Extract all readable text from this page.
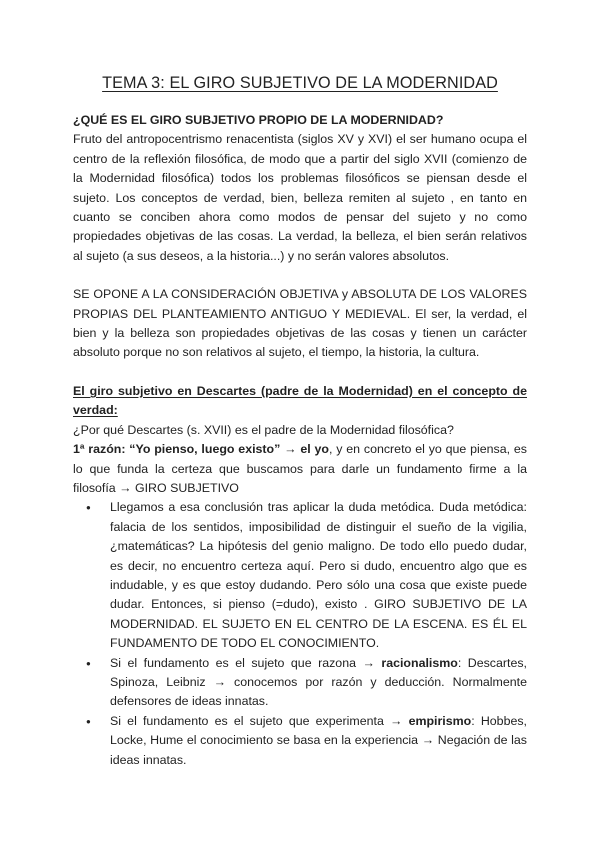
TEMA 3: EL GIRO SUBJETIVO DE LA MODERNIDAD
¿QUÉ ES EL GIRO SUBJETIVO PROPIO DE LA MODERNIDAD?

Fruto del antropocentrismo renacentista (siglos XV y XVI) el ser humano ocupa el centro de la reflexión filosófica, de modo que a partir del siglo XVII (comienzo de la Modernidad filosófica) todos los problemas filosóficos se piensan desde el sujeto. Los conceptos de verdad, bien, belleza remiten al sujeto , en tanto en cuanto se conciben ahora como modos de pensar del sujeto y no como propiedades objetivas de las cosas. La verdad, la belleza, el bien serán relativos al sujeto (a sus deseos, a la historia...) y no serán valores absolutos.

SE OPONE A LA CONSIDERACIÓN OBJETIVA y ABSOLUTA DE LOS VALORES PROPIAS DEL PLANTEAMIENTO ANTIGUO Y MEDIEVAL. El ser, la verdad, el bien y la belleza son propiedades objetivas de las cosas y tienen un carácter absoluto porque no son relativos al sujeto, el tiempo, la historia, la cultura.

El giro subjetivo en Descartes (padre de la Modernidad) en el concepto de verdad:

¿Por qué Descartes (s. XVII) es el padre de la Modernidad filosófica?

1ª razón: “Yo pienso, luego existo” → el yo, y en concreto el yo que piensa, es lo que funda la certeza que buscamos para darle un fundamento firme a la filosofía → GIRO SUBJETIVO

● Llegamos a esa conclusión tras aplicar la duda metódica. Duda metódica: falacia de los sentidos, imposibilidad de distinguir el sueño de la vigilia, ¿matemáticas? La hipótesis del genio maligno. De todo ello puedo dudar, es decir, no encuentro certeza aquí. Pero si dudo, encuentro algo que es indudable, y es que estoy dudando. Pero sólo una cosa que existe puede dudar. Entonces, si pienso (=dudo), existo . GIRO SUBJETIVO DE LA MODERNIDAD. EL SUJETO EN EL CENTRO DE LA ESCENA. ES ÉL EL FUNDAMENTO DE TODO EL CONOCIMIENTO.
● Si el fundamento es el sujeto que razona → racionalismo: Descartes, Spinoza, Leibniz → conocemos por razón y deducción. Normalmente defensores de ideas innatas.
● Si el fundamento es el sujeto que experimenta → empirismo: Hobbes, Locke, Hume el conocimiento se basa en la experiencia → Negación de las ideas innatas.
